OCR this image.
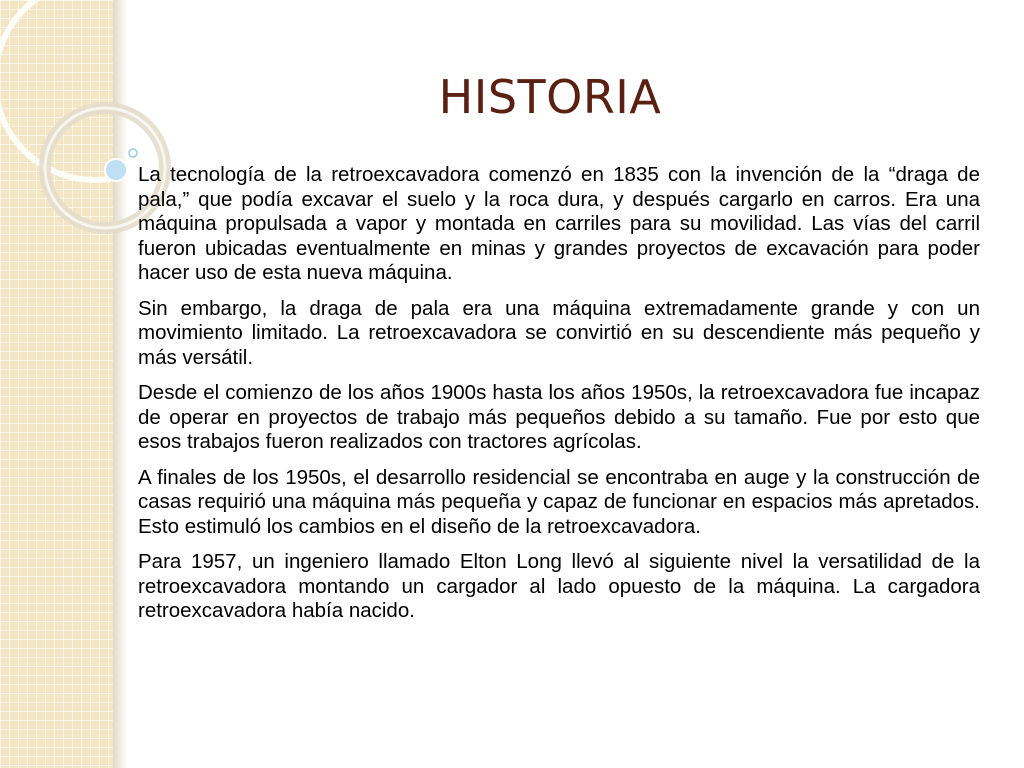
HISTORIA

La tecnología de la retroexcavadora comenzó en 1835 con la invención de la “draga de pala,” que podía excavar el suelo y la roca dura, y después cargarlo en carros. Era una máquina propulsada a vapor y montada en carriles para su movilidad. Las vías del carril fueron ubicadas eventualmente en minas y grandes proyectos de excavación para poder hacer uso de esta nueva máquina.

Sin embargo, la draga de pala era una máquina extremadamente grande y con un movimiento limitado. La retroexcavadora se convirtió en su descendiente más pequeño y más versátil.

Desde el comienzo de los años 1900s hasta los años 1950s, la retroexcavadora fue incapaz de operar en proyectos de trabajo más pequeños debido a su tamaño. Fue por esto que esos trabajos fueron realizados con tractores agrícolas.

A finales de los 1950s, el desarrollo residencial se encontraba en auge y la construcción de casas requirió una máquina más pequeña y capaz de funcionar en espacios más apretados. Esto estimuló los cambios en el diseño de la retroexcavadora.

Para 1957, un ingeniero llamado Elton Long llevó al siguiente nivel la versatilidad de la retroexcavadora montando un cargador al lado opuesto de la máquina. La cargadora retroexcavadora había nacido.
